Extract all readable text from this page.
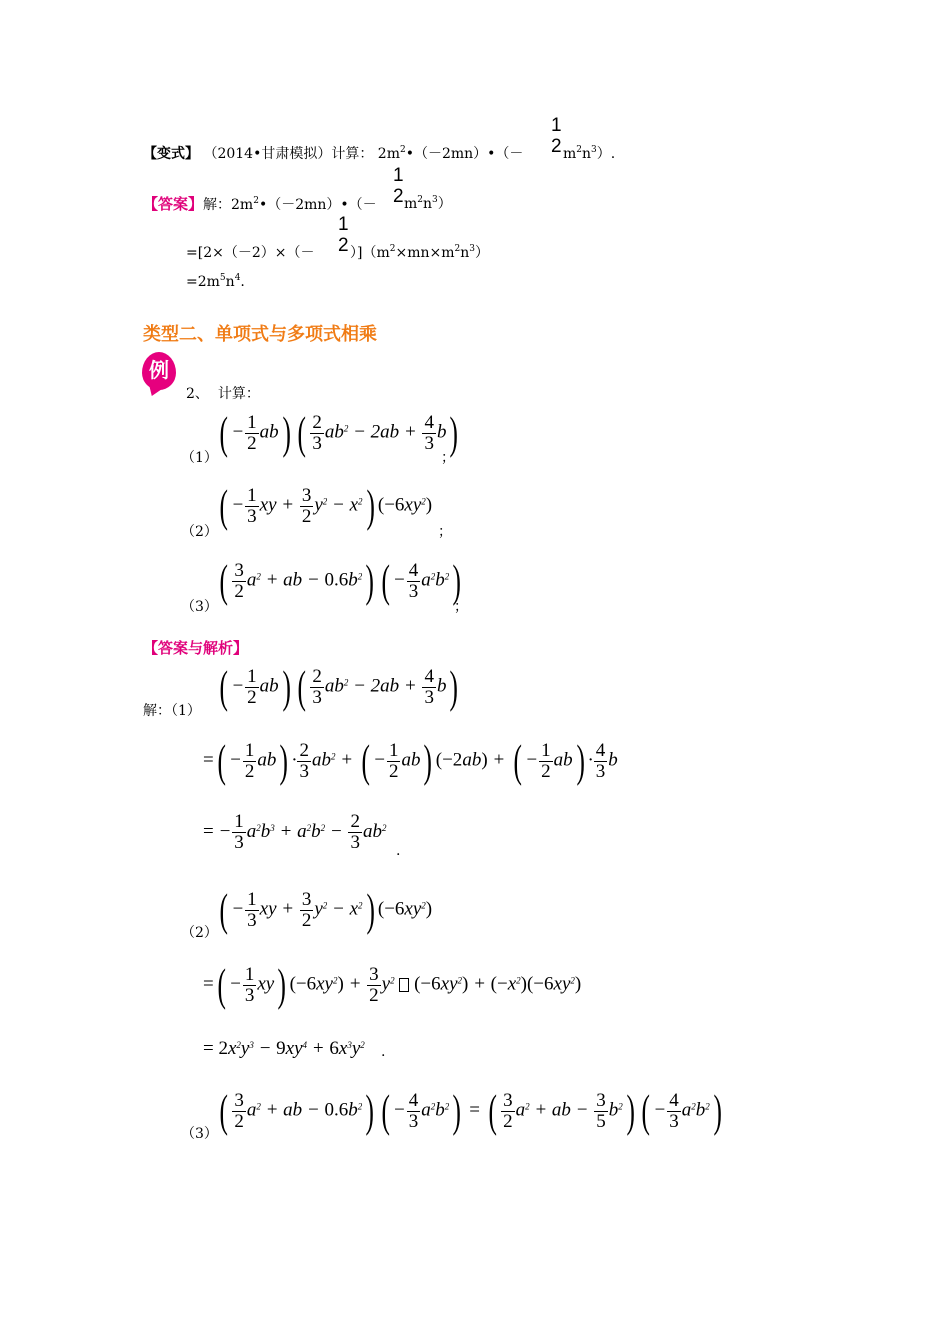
【变式】 （2014•甘肃模拟）计算： $2m^2•(-2mn)•(-$
1
2 $m^2n^3$）.
【答案】解：$2m^2•(-2mn)•(-$
1
2 $m^2n^3$）
=[2×（－2）×（－
1
2 ）]$(m^2\times mn\times m^2n^3)$
$=2m^5n^4$.
类型二、单项式与多项式相乘
例
2、 计算：
（1） ( − $\frac{1}{2} ab$) ( $\frac{2}{3} ab^2 - 2ab + \frac{4}{3} b$)
；
（2）
( − $\frac{1}{3}$ xy + $\frac{3}{2} y^2 - x^2$) $(-6xy^2)$
；
（3）
( $\frac{3}{2} a^2$ + ab − $0.6b^2$) ( − $\frac{4}{3} a^2b^2$)
；
【答案与解析】
解：（1） ( − $\frac{1}{2} ab$) ( $\frac{2}{3} ab^2 - 2ab + \frac{4}{3} b$)
=( − $\frac{1}{2} ab) \cdot \frac{2}{3} ab^2$ + ( − $\frac{1}{2} ab$) (−2ab) + ( − $\frac{1}{2} ab) \cdot \frac{4}{3}$ b
= − $\frac{1}{3} a^2b^3 + a^2b^2 - \frac{2}{3} ab^2$
.
（2） ( − $\frac{1}{3}$ xy + $\frac{3}{2} y^2 - x^2$) $(-6xy^2)$
=( − $\frac{1}{3} xy$) $(-6xy^2) + \frac{3}{2} y^2$ $(-6xy^2) + (-x^2)(-6xy^2)$
= $2x^2y^3 - 9xy^4 + 6x^3y^2$ .
（3） ( $\frac{3}{2} a^2$ + ab − $0.6b^2$) ( − $\frac{4}{3} a^2b^2$) = ( $\frac{3}{2} a^2$ + ab − $\frac{3}{5} b^2$) ( − $\frac{4}{3} a^2b^2$)
